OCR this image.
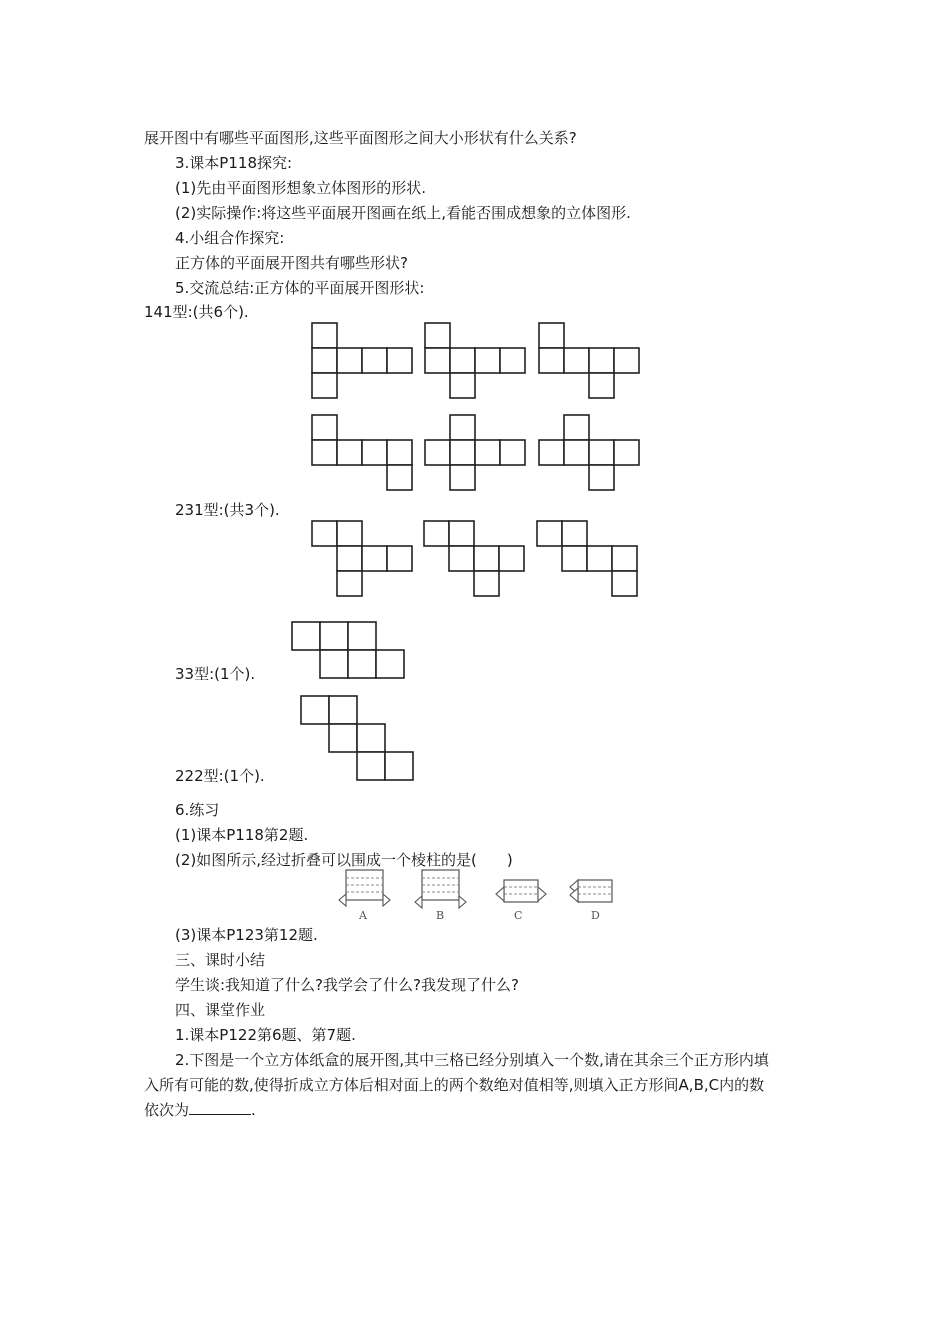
展开图中有哪些平面图形,这些平面图形之间大小形状有什么关系?
3.课本P118探究:
(1)先由平面图形想象立体图形的形状.
(2)实际操作:将这些平面展开图画在纸上,看能否围成想象的立体图形.
4.小组合作探究:
正方体的平面展开图共有哪些形状?
5.交流总结:正方体的平面展开图形状:
141型:(共6个).
231型:(共3个).
33型:(1个).
222型:(1个).
6.练习
(1)课本P118第2题.
(2)如图所示,经过折叠可以围成一个棱柱的是(　　)
A	B	C	D
(3)课本P123第12题.
三、课时小结
学生谈:我知道了什么?我学会了什么?我发现了什么?
四、课堂作业
1.课本P122第6题、第7题.
2.下图是一个立方体纸盒的展开图,其中三格已经分别填入一个数,请在其余三个正方形内填
入所有可能的数,使得折成立方体后相对面上的两个数绝对值相等,则填入正方形间A,B,C内的数
依次为	.
